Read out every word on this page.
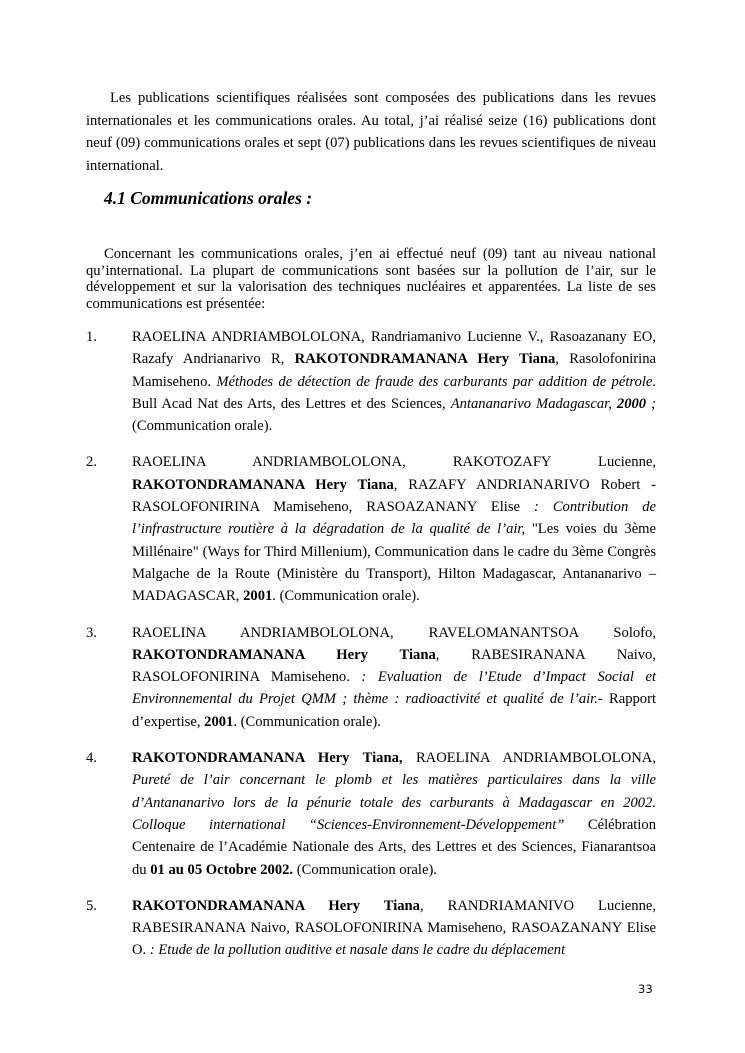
Les publications scientifiques réalisées sont composées des publications dans les revues internationales et les communications orales. Au total, j’ai réalisé seize (16) publications dont neuf (09) communications orales et sept (07) publications dans les revues scientifiques de niveau international.

4.1 Communications orales :

Concernant les communications orales, j’en ai effectué neuf (09) tant au niveau national qu’international. La plupart de communications sont basées sur la pollution de l’air, sur le développement et sur la valorisation des techniques nucléaires et apparentées. La liste de ses communications est présentée:

1. RAOELINA ANDRIAMBOLOLONA, Randriamanivo Lucienne V., Rasoazanany EO, Razafy Andrianarivo R, RAKOTONDRAMANANA Hery Tiana, Rasolofonirina Mamiseheno. Méthodes de détection de fraude des carburants par addition de pétrole. Bull Acad Nat des Arts, des Lettres et des Sciences, Antananarivo Madagascar, 2000 ; (Communication orale).
2. RAOELINA ANDRIAMBOLOLONA, RAKOTOZAFY Lucienne, RAKOTONDRAMANANA Hery Tiana, RAZAFY ANDRIANARIVO Robert - RASOLOFONIRINA Mamiseheno, RASOAZANANY Elise : Contribution de l’infrastructure routière à la dégradation de la qualité de l’air, "Les voies du 3ème Millénaire" (Ways for Third Millenium), Communication dans le cadre du 3ème Congrès Malgache de la Route (Ministère du Transport), Hilton Madagascar, Antananarivo – MADAGASCAR, 2001. (Communication orale).
3. RAOELINA ANDRIAMBOLOLONA, RAVELOMANANTSOA Solofo, RAKOTONDRAMANANA Hery Tiana, RABESIRANANA Naivo, RASOLOFONIRINA Mamiseheno. : Evaluation de l’Etude d’Impact Social et Environnemental du Projet QMM ; thème : radioactivité et qualité de l’air.- Rapport d’expertise, 2001. (Communication orale).
4. RAKOTONDRAMANANA Hery Tiana, RAOELINA ANDRIAMBOLOLONA, Pureté de l’air concernant le plomb et les matières particulaires dans la ville d’Antananarivo lors de la pénurie totale des carburants à Madagascar en 2002. Colloque international “Sciences-Environnement-Développement” Célébration Centenaire de l’Académie Nationale des Arts, des Lettres et des Sciences, Fianarantsoa du 01 au 05 Octobre 2002. (Communication orale).
5. RAKOTONDRAMANANA Hery Tiana, RANDRIAMANIVO Lucienne, RABESIRANANA Naivo, RASOLOFONIRINA Mamiseheno, RASOAZANANY Elise O. : Etude de la pollution auditive et nasale dans le cadre du déplacement
33
